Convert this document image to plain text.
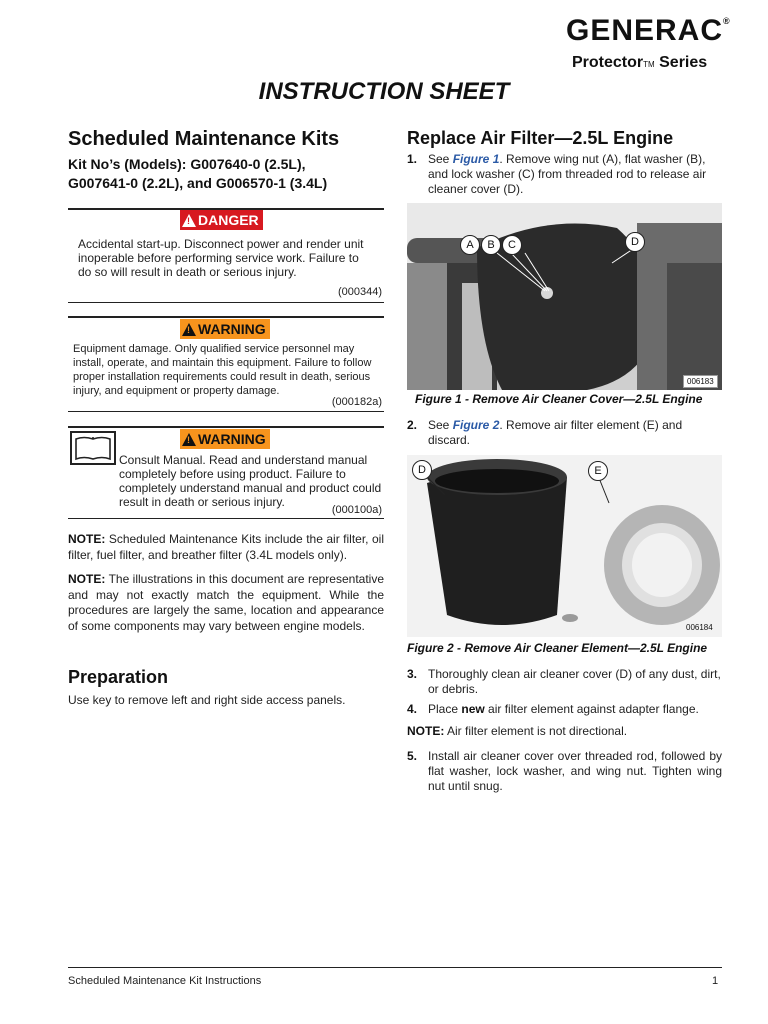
GENERAC®
ProtectorTM Series
INSTRUCTION SHEET
Scheduled Maintenance Kits
Kit No’s (Models): G007640-0 (2.5L),
G007641-0 (2.2L), and G006570-1 (3.4L)
! DANGER
Accidental start-up. Disconnect power and render unit inoperable before performing service work. Failure to do so will result in death or serious injury.
(000344)
! WARNING
Equipment damage. Only qualified service personnel may install, operate, and maintain this equipment. Failure to follow proper installation requirements could result in death, serious injury, and equipment or property damage.
(000182a)
! WARNING
Consult Manual. Read and understand manual completely before using product. Failure to completely understand manual and product could result in death or serious injury.
(000100a)
NOTE: Scheduled Maintenance Kits include the air filter, oil filter, fuel filter, and breather filter (3.4L models only).
NOTE: The illustrations in this document are representative and may not exactly match the equipment. While the procedures are largely the same, location and appearance of some components may vary between engine models.
Preparation
Use key to remove left and right side access panels.
Replace Air Filter—2.5L Engine
1. See Figure 1. Remove wing nut (A), flat washer (B), and lock washer (C) from threaded rod to release air cleaner cover (D).
A	B	C	D
006183
Figure 1 - Remove Air Cleaner Cover—2.5L Engine
2. See Figure 2. Remove air filter element (E) and discard.
D	E
006184
Figure 2 - Remove Air Cleaner Element—2.5L Engine
3. Thoroughly clean air cleaner cover (D) of any dust, dirt, or debris.
4. Place new air filter element against adapter flange.
NOTE: Air filter element is not directional.
5. Install air cleaner cover over threaded rod, followed by flat washer, lock washer, and wing nut. Tighten wing nut until snug.
Scheduled Maintenance Kit Instructions	1
